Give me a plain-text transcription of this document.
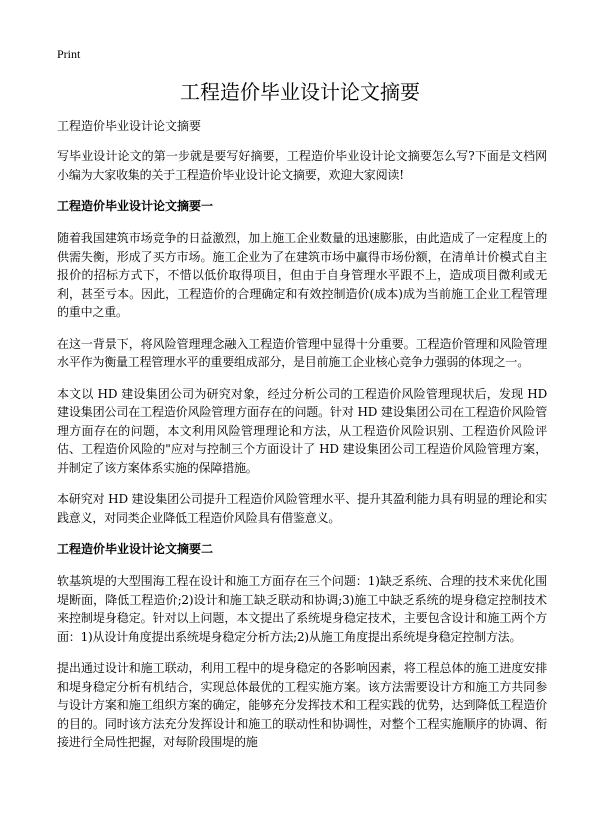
Print
工程造价毕业设计论文摘要

工程造价毕业设计论文摘要

写毕业设计论文的第一步就是要写好摘要，工程造价毕业设计论文摘要怎么写?下面是文档网小编为大家收集的关于工程造价毕业设计论文摘要，欢迎大家阅读!

工程造价毕业设计论文摘要一

随着我国建筑市场竞争的日益激烈，加上施工企业数量的迅速膨胀，由此造成了一定程度上的供需失衡，形成了买方市场。施工企业为了在建筑市场中赢得市场份额，在清单计价模式自主报价的招标方式下，不惜以低价取得项目，但由于自身管理水平跟不上，造成项目微利或无利，甚至亏本。因此，工程造价的合理确定和有效控制造价(成本)成为当前施工企业工程管理的重中之重。

在这一背景下，将风险管理理念融入工程造价管理中显得十分重要。工程造价管理和风险管理水平作为衡量工程管理水平的重要组成部分，是目前施工企业核心竞争力强弱的体现之一。

本文以 HD 建设集团公司为研究对象，经过分析公司的工程造价风险管理现状后，发现 HD 建设集团公司在工程造价风险管理方面存在的问题。针对 HD 建设集团公司在工程造价风险管理方面存在的问题，本文利用风险管理理论和方法，从工程造价风险识别、工程造价风险评估、工程造价风险的"应对与控制三个方面设计了 HD 建设集团公司工程造价风险管理方案，并制定了该方案体系实施的保障措施。

本研究对 HD 建设集团公司提升工程造价风险管理水平、提升其盈利能力具有明显的理论和实践意义，对同类企业降低工程造价风险具有借鉴意义。

工程造价毕业设计论文摘要二

软基筑堤的大型围海工程在设计和施工方面存在三个问题：1)缺乏系统、合理的技术来优化围堤断面，降低工程造价;2)设计和施工缺乏联动和协调;3)施工中缺乏系统的堤身稳定控制技术来控制堤身稳定。针对以上问题，本文提出了系统堤身稳定技术，主要包含设计和施工两个方面：1)从设计角度提出系统堤身稳定分析方法;2)从施工角度提出系统堤身稳定控制方法。

提出通过设计和施工联动，利用工程中的堤身稳定的各影响因素，将工程总体的施工进度安排和堤身稳定分析有机结合，实现总体最优的工程实施方案。该方法需要设计方和施工方共同参与设计方案和施工组织方案的确定，能够充分发挥技术和工程实践的优势，达到降低工程造价的目的。同时该方法充分发挥设计和施工的联动性和协调性，对整个工程实施顺序的协调、衔接进行全局性把握，对每阶段围堤的施
